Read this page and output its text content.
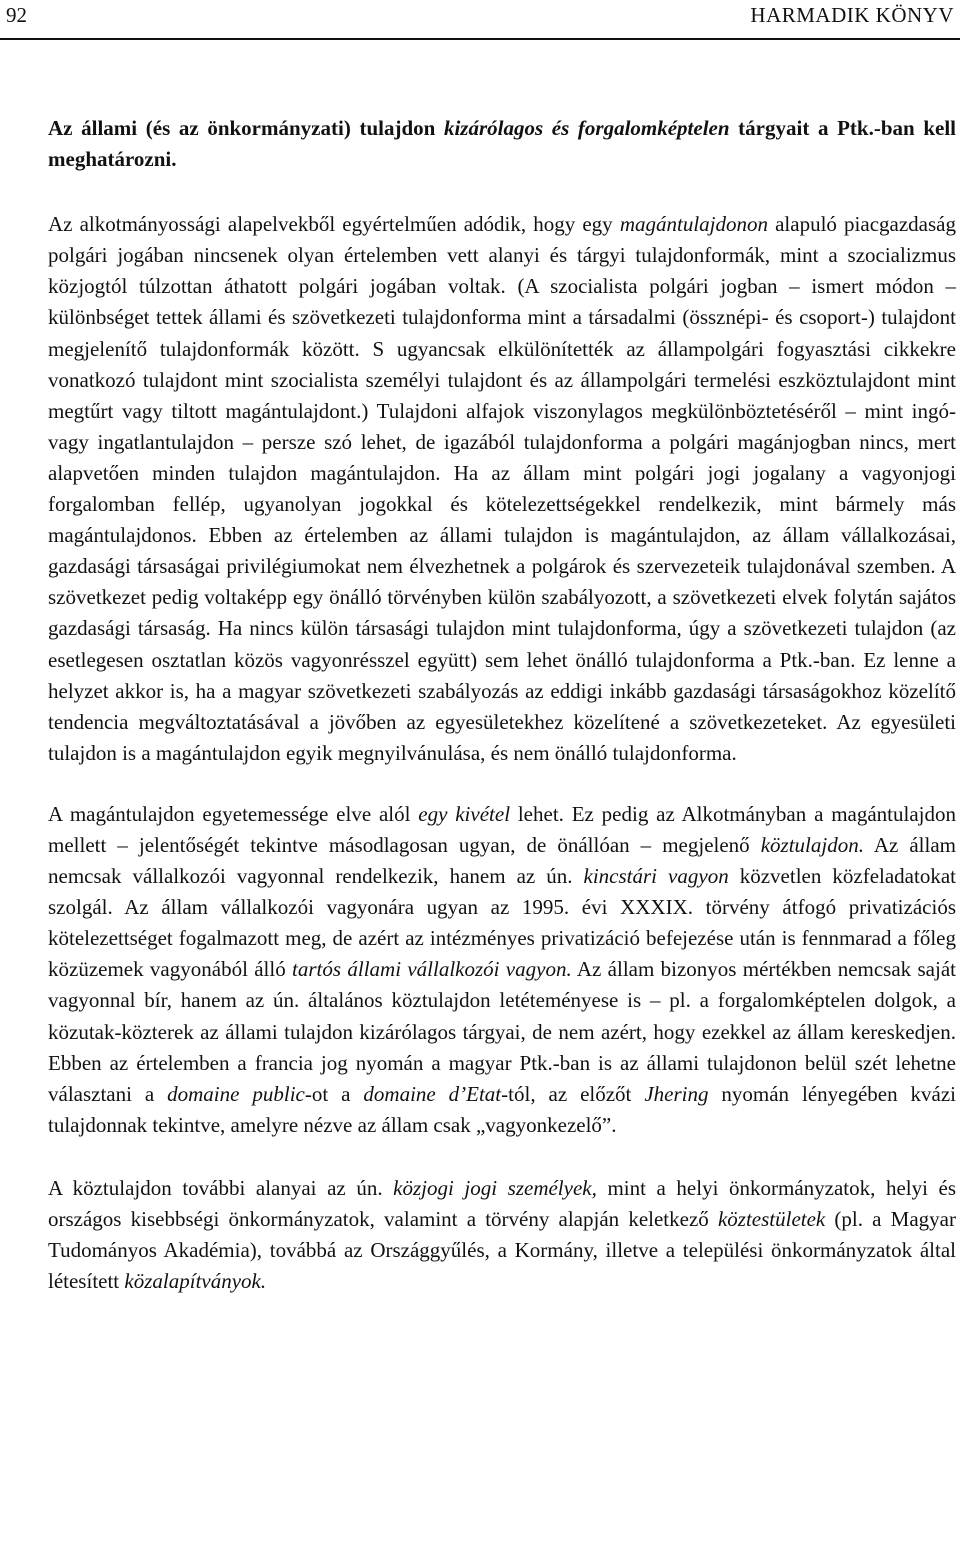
92	HARMADIK KÖNYV

Az állami (és az önkormányzati) tulajdon kizárólagos és forgalomképtelen tárgyait a Ptk.-ban kell meghatározni.

Az alkotmányossági alapelvekből egyértelműen adódik, hogy egy magántulajdonon alapuló piacgazdaság polgári jogában nincsenek olyan értelemben vett alanyi és tárgyi tulajdonformák, mint a szocializmus közjogtól túlzottan áthatott polgári jogában voltak. (A szocialista polgári jogban – ismert módon – különbséget tettek állami és szövetkezeti tulajdonforma mint a társadalmi (össznépi- és csoport-) tulajdont megjelenítő tulajdonformák között. S ugyancsak elkülönítették az állampolgári fogyasztási cikkekre vonatkozó tulajdont mint szocialista személyi tulajdont és az állampolgári termelési eszköztulajdont mint megtűrt vagy tiltott magántulajdont.) Tulajdoni alfajok viszonylagos megkülönböztetéséről – mint ingó- vagy ingatlantulajdon – persze szó lehet, de igazából tulajdonforma a polgári magánjogban nincs, mert alapvetően minden tulajdon magántulajdon. Ha az állam mint polgári jogi jogalany a vagyonjogi forgalomban fellép, ugyanolyan jogokkal és kötelezettségekkel rendelkezik, mint bármely más magántulajdonos. Ebben az értelemben az állami tulajdon is magántulajdon, az állam vállalkozásai, gazdasági társaságai privilégiumokat nem élvezhetnek a polgárok és szervezeteik tulajdonával szemben. A szövetkezet pedig voltaképp egy önálló törvényben külön szabályozott, a szövetkezeti elvek folytán sajátos gazdasági társaság. Ha nincs külön társasági tulajdon mint tulajdonforma, úgy a szövetkezeti tulajdon (az esetlegesen osztatlan közös vagyonrésszel együtt) sem lehet önálló tulajdonforma a Ptk.-ban. Ez lenne a helyzet akkor is, ha a magyar szövetkezeti szabályozás az eddigi inkább gazdasági társaságokhoz közelítő tendencia megváltoztatásával a jövőben az egyesületekhez közelítené a szövetkezeteket. Az egyesületi tulajdon is a magántulajdon egyik megnyilvánulása, és nem önálló tulajdonforma.

A magántulajdon egyetemessége elve alól egy kivétel lehet. Ez pedig az Alkotmányban a magántulajdon mellett – jelentőségét tekintve másodlagosan ugyan, de önállóan – megjelenő köztulajdon. Az állam nemcsak vállalkozói vagyonnal rendelkezik, hanem az ún. kincstári vagyon közvetlen közfeladatokat szolgál. Az állam vállalkozói vagyonára ugyan az 1995. évi XXXIX. törvény átfogó privatizációs kötelezettséget fogalmazott meg, de azért az intézményes privatizáció befejezése után is fennmarad a főleg közüzemek vagyonából álló tartós állami vállalkozói vagyon. Az állam bizonyos mértékben nemcsak saját vagyonnal bír, hanem az ún. általános köztulajdon letéteményese is – pl. a forgalomképtelen dolgok, a közutak-közterek az állami tulajdon kizárólagos tárgyai, de nem azért, hogy ezekkel az állam kereskedjen. Ebben az értelemben a francia jog nyomán a magyar Ptk.-ban is az állami tulajdonon belül szét lehetne választani a domaine public-ot a domaine d’Etat-tól, az előzőt Jhering nyomán lényegében kvázi tulajdonnak tekintve, amelyre nézve az állam csak „vagyonkezelő”.

A köztulajdon további alanyai az ún. közjogi jogi személyek, mint a helyi önkormányzatok, helyi és országos kisebbségi önkormányzatok, valamint a törvény alapján keletkező köztestületek (pl. a Magyar Tudományos Akadémia), továbbá az Országgyűlés, a Kormány, illetve a települési önkormányzatok által létesített közalapítványok.
